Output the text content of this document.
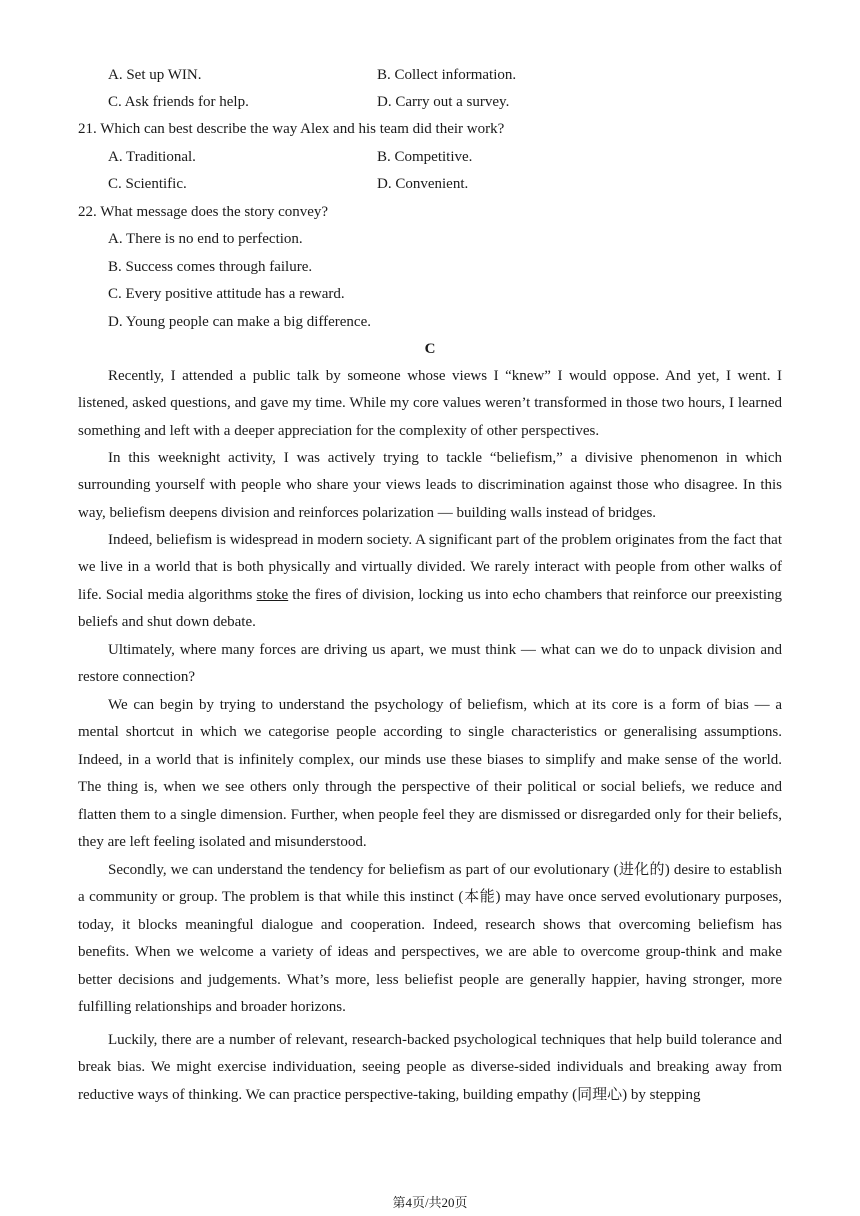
A. Set up WIN.	B. Collect information.
C. Ask friends for help.	D. Carry out a survey.
21. Which can best describe the way Alex and his team did their work?
A. Traditional.	B. Competitive.
C. Scientific.	D. Convenient.
22. What message does the story convey?
A. There is no end to perfection.
B. Success comes through failure.
C. Every positive attitude has a reward.
D. Young people can make a big difference.
C

Recently, I attended a public talk by someone whose views I “knew” I would oppose. And yet, I went. I listened, asked questions, and gave my time. While my core values weren’t transformed in those two hours, I learned something and left with a deeper appreciation for the complexity of other perspectives.

In this weeknight activity, I was actively trying to tackle “beliefism,” a divisive phenomenon in which surrounding yourself with people who share your views leads to discrimination against those who disagree. In this way, beliefism deepens division and reinforces polarization — building walls instead of bridges.

Indeed, beliefism is widespread in modern society. A significant part of the problem originates from the fact that we live in a world that is both physically and virtually divided. We rarely interact with people from other walks of life. Social media algorithms stoke the fires of division, locking us into echo chambers that reinforce our preexisting beliefs and shut down debate.

Ultimately, where many forces are driving us apart, we must think — what can we do to unpack division and restore connection?

We can begin by trying to understand the psychology of beliefism, which at its core is a form of bias — a mental shortcut in which we categorise people according to single characteristics or generalising assumptions. Indeed, in a world that is infinitely complex, our minds use these biases to simplify and make sense of the world. The thing is, when we see others only through the perspective of their political or social beliefs, we reduce and flatten them to a single dimension. Further, when people feel they are dismissed or disregarded only for their beliefs, they are left feeling isolated and misunderstood.

Secondly, we can understand the tendency for beliefism as part of our evolutionary (进化的) desire to establish a community or group. The problem is that while this instinct (本能) may have once served evolutionary purposes, today, it blocks meaningful dialogue and cooperation. Indeed, research shows that overcoming beliefism has benefits. When we welcome a variety of ideas and perspectives, we are able to overcome group-think and make better decisions and judgements. What’s more, less beliefist people are generally happier, having stronger, more fulfilling relationships and broader horizons.

Luckily, there are a number of relevant, research-backed psychological techniques that help build tolerance and break bias. We might exercise individuation, seeing people as diverse-sided individuals and breaking away from reductive ways of thinking. We can practice perspective-taking, building empathy (同理心) by stepping

第4页/共20页
